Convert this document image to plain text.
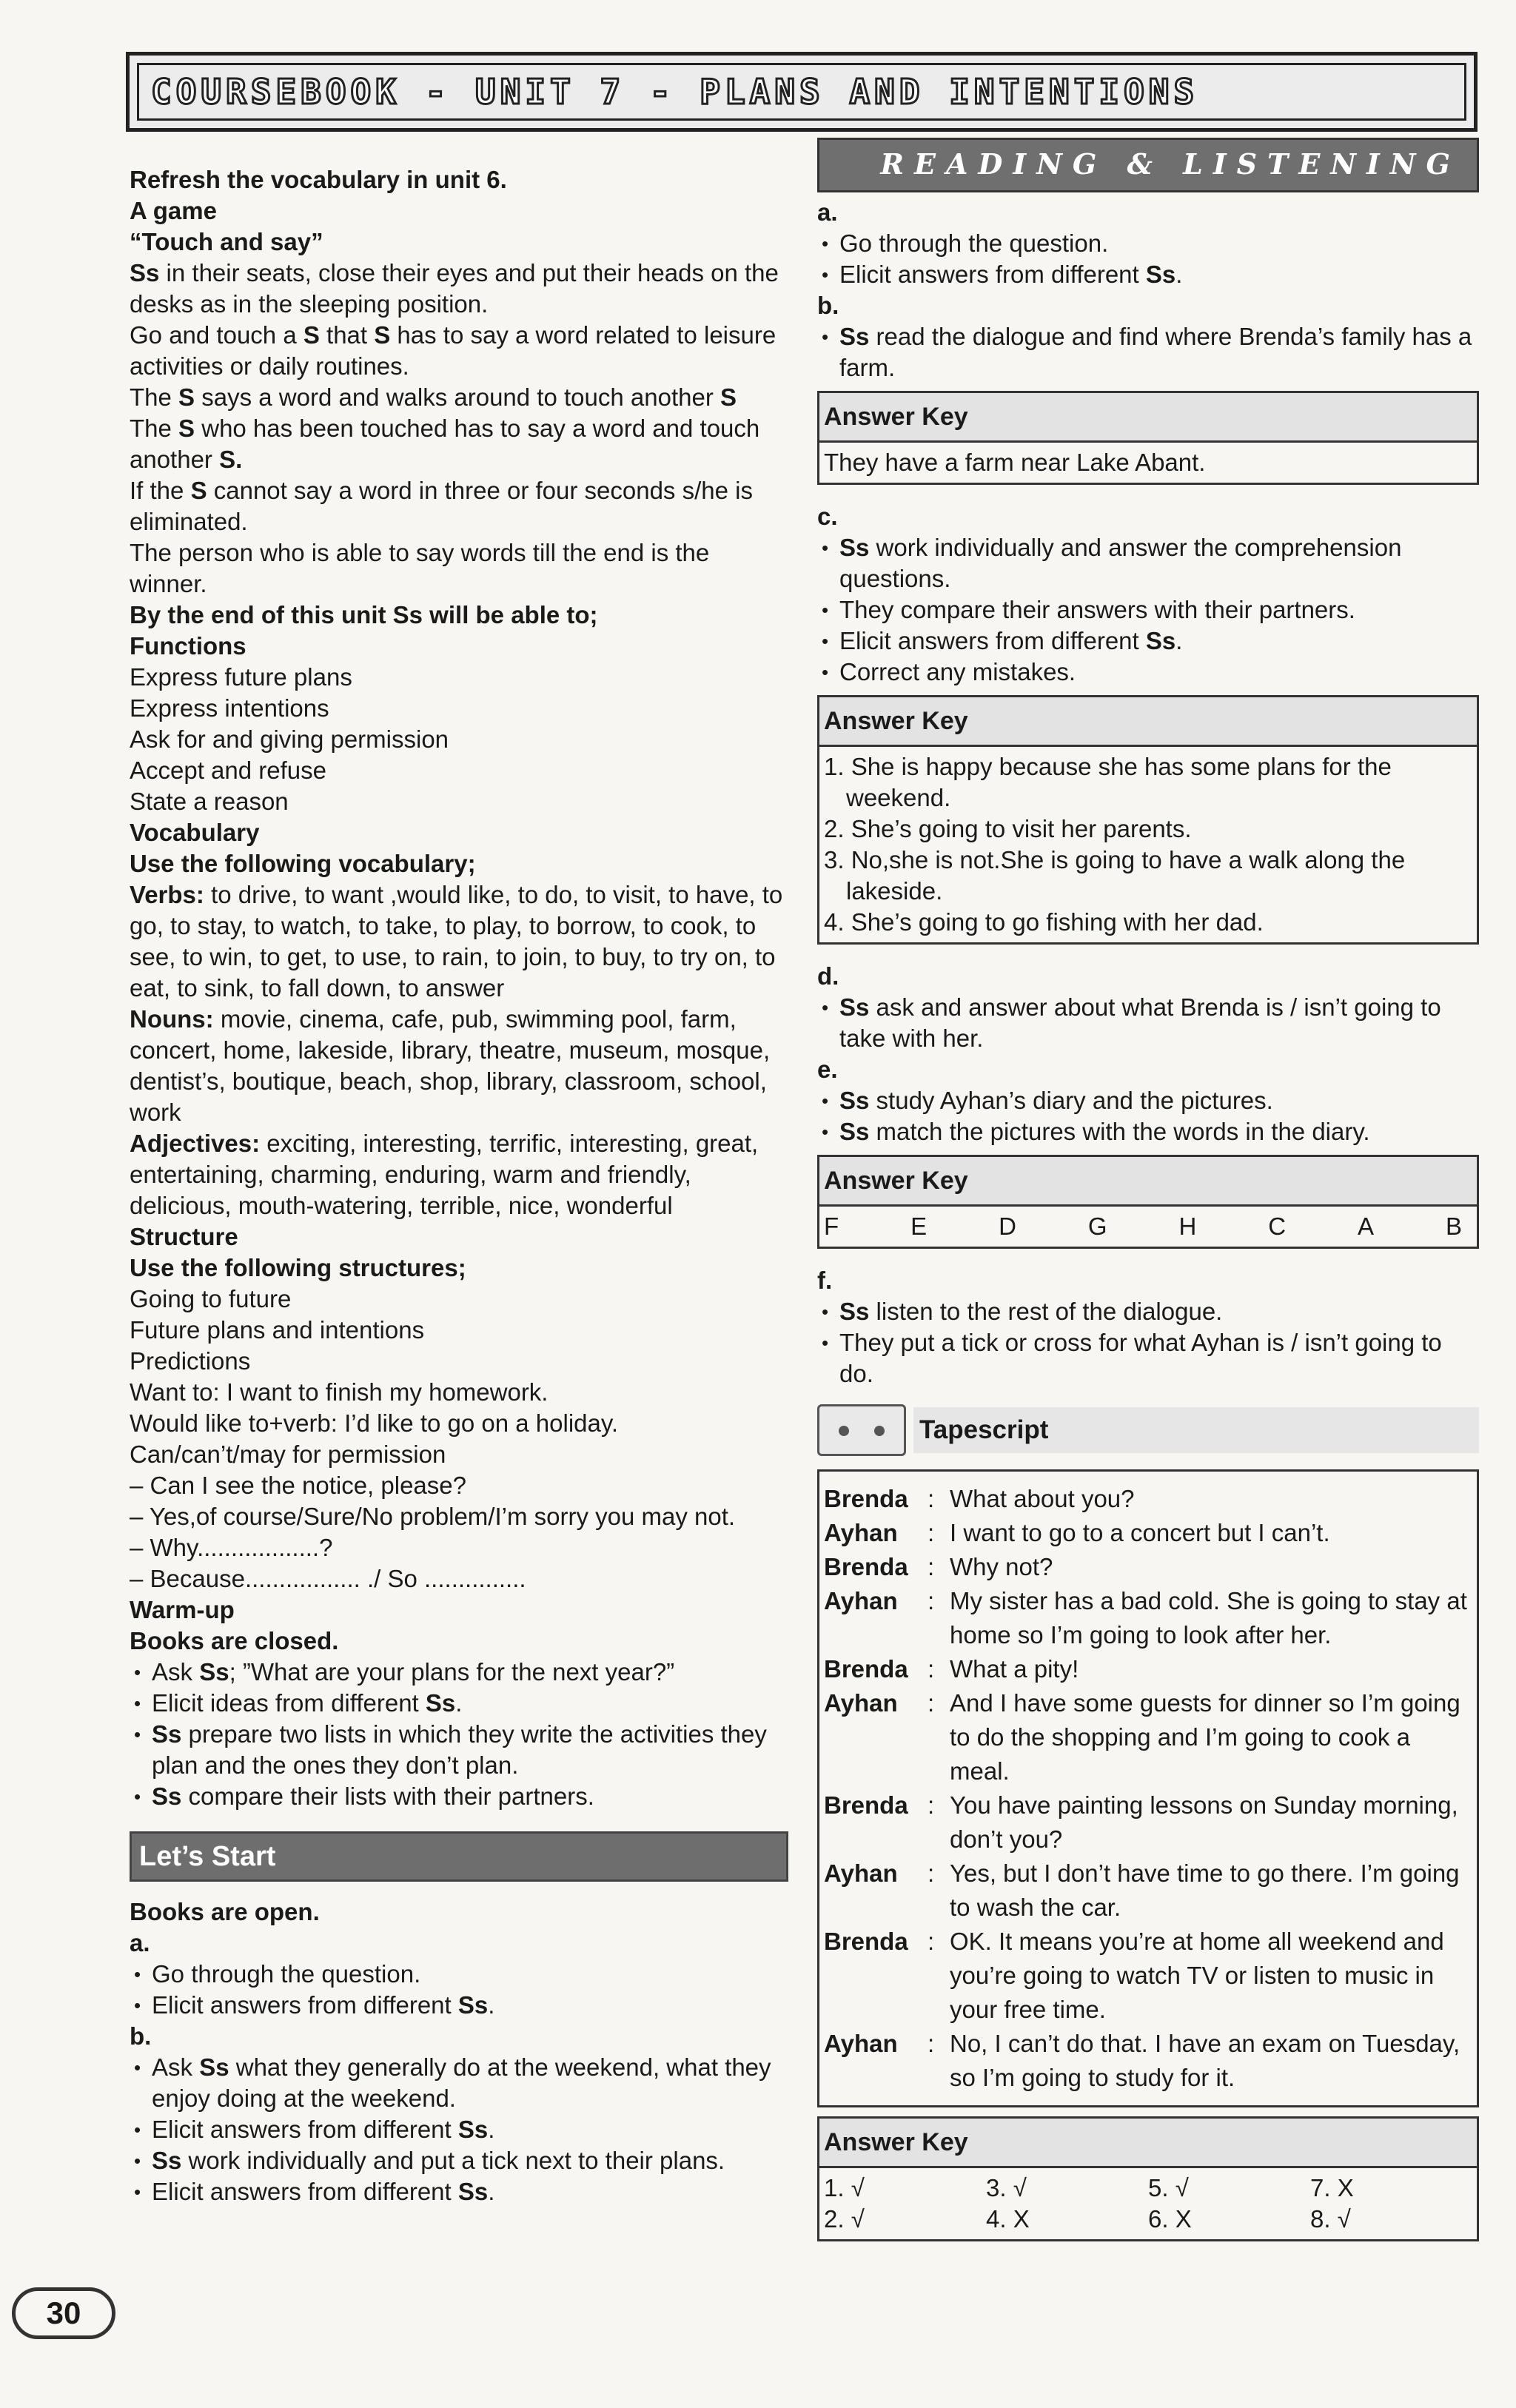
COURSEBOOK - UNIT 7 - PLANS AND INTENTIONS

Refresh the vocabulary in unit 6.

A game

“Touch and say”

Ss in their seats, close their eyes and put their heads on the desks as in the sleeping position.

Go and touch a S that S has to say a word related to leisure activities or daily routines.

The S says a word and walks around to touch another S

The S who has been touched has to say a word and touch another S.

If the S cannot say a word in three or four seconds s/he is eliminated.

The person who is able to say words till the end is the winner.

By the end of this unit Ss will be able to;

Functions

Express future plans

Express intentions

Ask for and giving permission

Accept and refuse

State a reason

Vocabulary

Use the following vocabulary;

Verbs: to drive, to want ,would like, to do, to visit, to have, to go, to stay, to watch, to take, to play, to borrow, to cook, to see, to win, to get, to use, to rain, to join, to buy, to try on, to eat, to sink, to fall down, to answer

Nouns: movie, cinema, cafe, pub, swimming pool, farm, concert, home, lakeside, library, theatre, museum, mosque, dentist’s, boutique, beach, shop, library, classroom, school, work

Adjectives: exciting, interesting, terrific, interesting, great, entertaining, charming, enduring, warm and friendly, delicious, mouth-watering, terrible, nice, wonderful

Structure

Use the following structures;

Going to future

Future plans and intentions

Predictions

Want to: I want to finish my homework.

Would like to+verb: I’d like to go on a holiday.

Can/can’t/may for permission

– Can I see the notice, please?

– Yes,of course/Sure/No problem/I’m sorry you may not.

– Why..................?

– Because................. ./ So ...............

Warm-up

Books are closed.

• Ask Ss; ”What are your plans for the next year?”
• Elicit ideas from different Ss.
• Ss prepare two lists in which they write the activities they plan and the ones they don’t plan.
• Ss compare their lists with their partners.
Let’s Start

Books are open.

a.

• Go through the question.
• Elicit answers from different Ss.

b.

• Ask Ss what they generally do at the weekend, what they enjoy doing at the weekend.
• Elicit answers from different Ss.
• Ss work individually and put a tick next to their plans.
• Elicit answers from different Ss.
READING & LISTENING

a.

• Go through the question.
• Elicit answers from different Ss.

b.

• Ss read the dialogue and find where Brenda’s family has a farm.
Answer Key
They have a farm near Lake Abant.

c.

• Ss work individually and answer the comprehension questions.
• They compare their answers with their partners.
• Elicit answers from different Ss.
• Correct any mistakes.
Answer Key

1. She is happy because she has some plans for the weekend.

2. She’s going to visit her parents.

3. No,she is not.She is going to have a walk along the lakeside.

4. She’s going to go fishing with her dad.

d.

• Ss ask and answer about what Brenda is / isn’t going to take with her.

e.

• Ss study Ayhan’s diary and the pictures.
• Ss match the pictures with the words in the diary.
Answer Key
F	E	D	G	H	C	A	B

f.

• Ss listen to the rest of the dialogue.
• They put a tick or cross for what Ayhan is / isn’t going to do.
Tapescript
Brenda : What about you?
Ayhan	: I want to go to a concert but I can’t.
Brenda : Why not?
Ayhan	: My sister has a bad cold. She is going to stay at home so I’m going to look after her.
Brenda : What a pity!
Ayhan	: And I have some guests for dinner so I’m going to do the shopping and I’m going to cook a meal.
Brenda : You have painting lessons on Sunday morning, don’t you?
Ayhan	: Yes, but I don’t have time to go there. I’m going to wash the car.
Brenda : OK. It means you’re at home all weekend and you’re going to watch TV or listen to music in your free time.
Ayhan	: No, I can’t do that. I have an exam on Tuesday, so I’m going to study for it.
Answer Key
1. √	3. √	5. √	7. X
2. √	4. X	6. X	8. √
30
